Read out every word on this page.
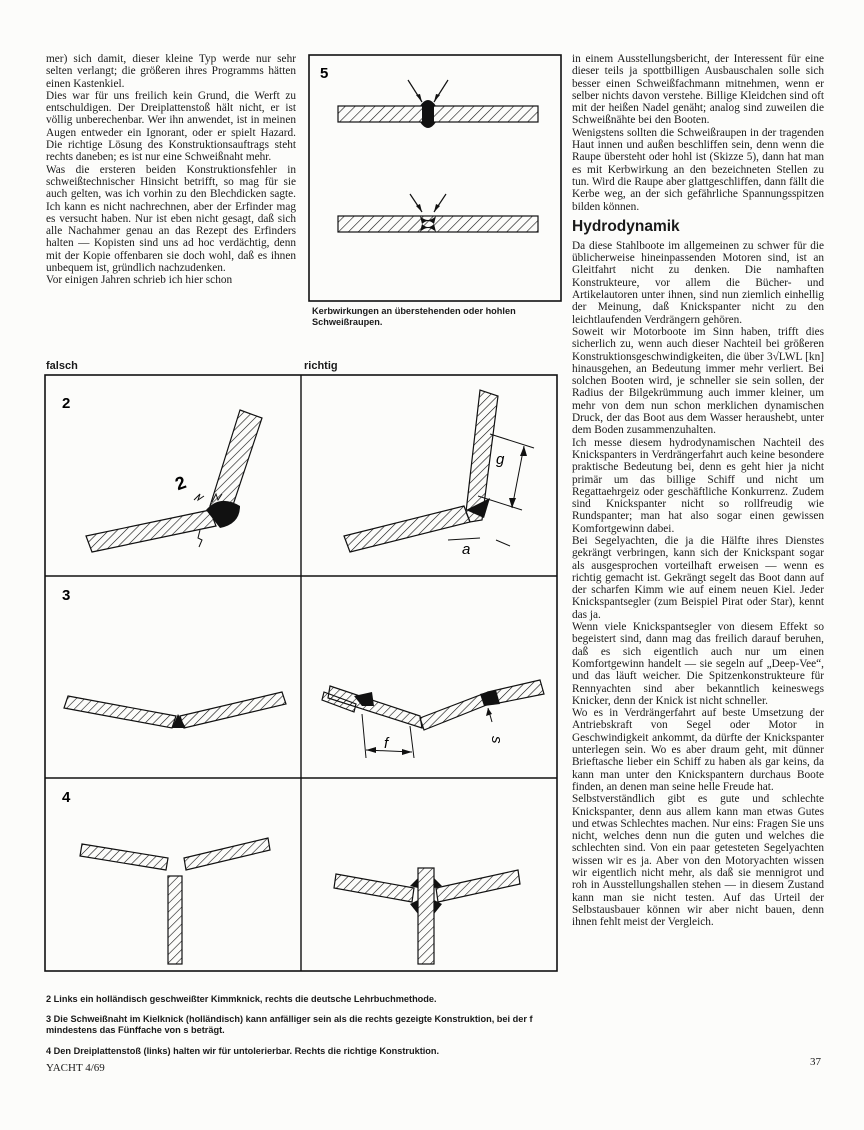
mer) sich damit, dieser kleine Typ werde nur sehr selten verlangt; die größeren ihres Programms hätten einen Kastenkiel.

Dies war für uns freilich kein Grund, die Werft zu entschuldigen. Der Dreiplattenstoß hält nicht, er ist völlig unberechenbar. Wer ihn anwendet, ist in meinen Augen entweder ein Ignorant, oder er spielt Hazard. Die richtige Lösung des Konstruktionsauftrags steht rechts daneben; es ist nur eine Schweißnaht mehr.

Was die ersteren beiden Konstruktionsfehler in schweißtechnischer Hinsicht betrifft, so mag für sie auch gelten, was ich vorhin zu den Blechdicken sagte. Ich kann es nicht nachrechnen, aber der Erfinder mag es versucht haben. Nur ist eben nicht gesagt, daß sich alle Nachahmer genau an das Rezept des Erfinders halten — Kopisten sind uns ad hoc verdächtig, denn mit der Kopie offenbaren sie doch wohl, daß es ihnen unbequem ist, gründlich nachzudenken.

Vor einigen Jahren schrieb ich hier schon

5
Kerbwirkungen an überstehenden oder hohlen Schweißraupen.

in einem Ausstellungsbericht, der Interessent für eine dieser teils ja spottbilligen Ausbauschalen solle sich besser einen Schweißfachmann mitnehmen, wenn er selber nichts davon verstehe. Billige Kleidchen sind oft mit der heißen Nadel genäht; analog sind zuweilen die Schweißnähte bei den Booten.

Wenigstens sollten die Schweißraupen in der tragenden Haut innen und außen beschliffen sein, denn wenn die Raupe übersteht oder hohl ist (Skizze 5), dann hat man es mit Kerbwirkung an den bezeichneten Stellen zu tun. Wird die Raupe aber glattgeschliffen, dann fällt die Kerbe weg, an der sich gefährliche Spannungsspitzen bilden können.

Hydrodynamik

Da diese Stahlboote im allgemeinen zu schwer für die üblicherweise hineinpassenden Motoren sind, ist an Gleitfahrt nicht zu denken. Die namhaften Konstrukteure, vor allem die Bücher- und Artikelautoren unter ihnen, sind nun ziemlich einhellig der Meinung, daß Knickspanter nicht zu den leichtlaufenden Verdrängern gehören.

Soweit wir Motorboote im Sinn haben, trifft dies sicherlich zu, wenn auch dieser Nachteil bei größeren Konstruktionsgeschwindigkeiten, die über 3√LWL [kn] hinausgehen, an Bedeutung immer mehr verliert. Bei solchen Booten wird, je schneller sie sein sollen, der Radius der Bilgekrümmung auch immer kleiner, um mehr von dem nun schon merklichen dynamischen Druck, der das Boot aus dem Wasser heraushebt, unter dem Boden zusammenzuhalten.

Ich messe diesem hydrodynamischen Nachteil des Knickspanters in Verdrängerfahrt auch keine besondere praktische Bedeutung bei, denn es geht hier ja nicht primär um das billige Schiff und nicht um Regattaehrgeiz oder geschäftliche Konkurrenz. Zudem sind Knickspanter nicht so rollfreudig wie Rundspanter; man hat also sogar einen gewissen Komfortgewinn dabei.

Bei Segelyachten, die ja die Hälfte ihres Dienstes gekrängt verbringen, kann sich der Knickspant sogar als ausgesprochen vorteilhaft erweisen — wenn es richtig gemacht ist. Gekrängt segelt das Boot dann auf der scharfen Kimm wie auf einem neuen Kiel. Jeder Knickspantsegler (zum Beispiel Pirat oder Star), kennt das ja.

Wenn viele Knickspantsegler von diesem Effekt so begeistert sind, dann mag das freilich darauf beruhen, daß es sich eigentlich auch nur um einen Komfortgewinn handelt — sie segeln auf „Deep-Vee“, und das läuft weicher. Die Spitzenkonstrukteure für Rennyachten sind aber bekanntlich keineswegs Knicker, denn der Knick ist nicht schneller.

Wo es in Verdrängerfahrt auf beste Umsetzung der Antriebskraft von Segel oder Motor in Geschwindigkeit ankommt, da dürfte der Knickspanter unterlegen sein. Wo es aber draum geht, mit dünner Brieftasche lieber ein Schiff zu haben als gar keins, da kann man unter den Knickspantern durchaus Boote finden, an denen man seine helle Freude hat.

Selbstverständlich gibt es gute und schlechte Knickspanter, denn aus allem kann man etwas Gutes und etwas Schlechtes machen. Nur eins: Fragen Sie uns nicht, welches denn nun die guten und welches die schlechten sind. Von ein paar getesteten Segelyachten wissen wir es ja. Aber von den Motoryachten wissen wir eigentlich nicht mehr, als daß sie mennigrot und roh in Ausstellungshallen stehen — in diesem Zustand kann man sie nicht testen. Auf das Urteil der Selbstausbauer können wir aber nicht bauen, denn ihnen fehlt meist der Vergleich.

falsch	richtig
2
3
4
2
g
a
f	s
2 Links ein holländisch geschweißter Kimmknick, rechts die deutsche Lehrbuchmethode.
3 Die Schweißnaht im Kielknick (holländisch) kann anfälliger sein als die rechts gezeigte Konstruktion, bei der f mindestens das Fünffache von s beträgt.
4 Den Dreiplattenstoß (links) halten wir für untolerierbar. Rechts die richtige Konstruktion.
YACHT 4/69	37
